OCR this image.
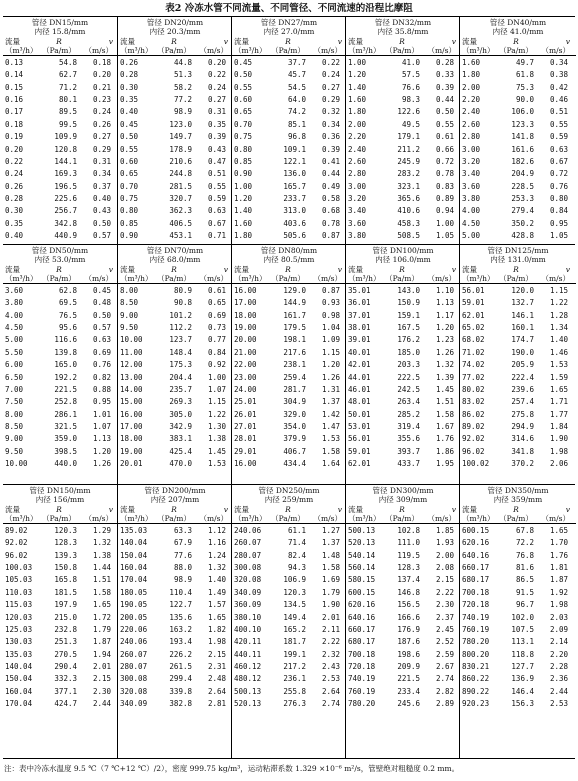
表2 冷冻水管不同流量、不同管径、不同流速的沿程比摩阻
管径 DN15/mm
内径 15.8/mm
流量	R	v
（m³/h） （Pa/m）	（m/s）
0.13	54.8	0.18
0.14	62.7	0.20
0.15	71.2	0.21
0.16	80.1	0.23
0.17	89.5	0.24
0.18	99.5	0.26
0.19	109.9	0.27
0.20	120.8	0.29
0.22	144.1	0.31
0.24	169.3	0.34
0.26	196.5	0.37
0.28	225.6	0.40
0.30	256.7	0.43
0.35	342.8	0.50
0.40	440.9	0.57
管径 DN20/mm
内径 20.3/mm
流量	R	v
（m³/h） （Pa/m）	（m/s）
0.26	44.8	0.20
0.28	51.3	0.22
0.30	58.2	0.24
0.35	77.2	0.27
0.40	98.9	0.31
0.45	123.0	0.35
0.50	149.7	0.39
0.55	178.9	0.43
0.60	210.6	0.47
0.65	244.8	0.51
0.70	281.5	0.55
0.75	320.7	0.59
0.80	362.3	0.63
0.85	406.5	0.67
0.90	453.1	0.71
管径 DN27/mm
内径 27.0/mm
流量	R	v
（m³/h） （Pa/m）	（m/s）
0.45	37.7	0.22
0.50	45.7	0.24
0.55	54.5	0.27
0.60	64.0	0.29
0.65	74.2	0.32
0.70	85.1	0.34
0.75	96.8	0.36
0.80	109.1	0.39
0.85	122.1	0.41
0.90	136.0	0.44
1.00	165.7	0.49
1.20	233.7	0.58
1.40	313.0	0.68
1.60	403.6	0.78
1.80	505.6	0.87
管径 DN32/mm
内径 35.8/mm
流量	R	v
（m³/h） （Pa/m）	（m/s）
1.00	41.0	0.28
1.20	57.5	0.33
1.40	76.6	0.39
1.60	98.3	0.44
1.80	122.6	0.50
2.00	49.5	0.55
2.20	179.1	0.61
2.40	211.2	0.66
2.60	245.9	0.72
2.80	283.2	0.78
3.00	323.1	0.83
3.20	365.6	0.89
3.40	410.6	0.94
3.60	458.3	1.00
3.80	508.5	1.05
管径 DN40/mm
内径 41.0/mm
流量	R	v
（m³/h） （Pa/m）	（m/s）
1.60	49.7	0.34
1.80	61.8	0.38
2.00	75.3	0.42
2.20	90.0	0.46
2.40	106.0	0.51
2.60	123.3	0.55
2.80	141.8	0.59
3.00	161.6	0.63
3.20	182.6	0.67
3.40	204.9	0.72
3.60	228.5	0.76
3.80	253.3	0.80
4.00	279.4	0.84
4.50	350.2	0.95
5.00	428.8	1.05
管径 DN50/mm
内径 53.0/mm
流量	R	v
（m³/h） （Pa/m）	（m/s）
3.60	62.8	0.45
3.80	69.5	0.48
4.00	76.5	0.50
4.50	95.6	0.57
5.00	116.6	0.63
5.50	139.8	0.69
6.00	165.0	0.76
6.50	192.2	0.82
7.00	221.5	0.88
7.50	252.8	0.95
8.00	286.1	1.01
8.50	321.5	1.07
9.00	359.0	1.13
9.50	398.5	1.20
10.00	440.0	1.26
管径 DN70/mm
内径 68.0/mm
流量	R	v
（m³/h） （Pa/m）	（m/s）
8.00	80.9	0.61
8.50	90.8	0.65
9.00	101.2	0.69
9.50	112.2	0.73
10.00	123.7	0.77
11.00	148.4	0.84
12.00	175.3	0.92
13.00	204.4	1.00
14.00	235.7	1.07
15.00	269.3	1.15
16.00	305.0	1.22
17.00	342.9	1.30
18.00	383.1	1.38
19.00	425.4	1.45
20.01	470.0	1.53
管径 DN80/mm
内径 80.5/mm
流量	R	v
（m³/h） （Pa/m）	（m/s）
16.00	129.0	0.87
17.00	144.9	0.93
18.00	161.7	0.98
19.00	179.5	1.04
20.00	198.1	1.09
21.00	217.6	1.15
22.00	238.1	1.20
23.00	259.4	1.26
24.00	281.7	1.31
25.01	304.9	1.37
26.01	329.0	1.42
27.01	354.0	1.47
28.01	379.9	1.53
29.01	406.7	1.58
16.00	434.4	1.64
管径 DN100/mm
内径 106.0/mm
流量	R	v
（m³/h） （Pa/m）	（m/s）
35.01	143.0	1.10
36.01	150.9	1.13
37.01	159.1	1.17
38.01	167.5	1.20
39.01	176.2	1.23
40.01	185.0	1.26
42.01	203.3	1.32
44.01	222.5	1.39
46.01	242.5	1.45
48.01	263.4	1.51
50.01	285.2	1.58
53.01	319.4	1.67
56.01	355.6	1.76
59.01	393.7	1.86
62.01	433.7	1.95
管径 DN125/mm
内径 131.0/mm
流量	R	v
（m³/h） （Pa/m）	（m/s）
56.01	120.0	1.15
59.01	132.7	1.22
62.01	146.1	1.28
65.02	160.1	1.34
68.02	174.7	1.40
71.02	190.0	1.46
74.02	205.9	1.53
77.02	222.4	1.59
80.02	239.6	1.65
83.02	257.4	1.71
86.02	275.8	1.77
89.02	294.9	1.84
92.02	314.6	1.90
96.02	341.8	1.98
100.02	370.2	2.06
管径 DN150/mm
内径 156/mm
流量	R	v
（m³/h） （Pa/m）	（m/s）
89.02	120.3	1.29
92.02	128.3	1.32
96.02	139.3	1.38
100.03	150.8	1.44
105.03	165.8	1.51
110.03	181.5	1.58
115.03	197.9	1.65
120.03	215.0	1.72
125.03	232.8	1.79
130.03	251.3	1.87
135.03	270.5	1.94
140.04	290.4	2.01
150.04	332.3	2.15
160.04	377.1	2.30
170.04	424.7	2.44
管径 DN200/mm
内径 207/mm
流量	R	v
（m³/h） （Pa/m）	（m/s）
135.03	63.3	1.12
140.04	67.9	1.16
150.04	77.6	1.24
160.04	88.0	1.32
170.04	98.9	1.40
180.05	110.4	1.49
190.05	122.7	1.57
200.05	135.6	1.65
220.06	163.2	1.82
240.06	193.4	1.98
260.07	226.2	2.15
280.07	261.5	2.31
300.08	299.4	2.48
320.08	339.8	2.64
340.09	382.8	2.81
管径 DN250/mm
内径 259/mm
流量	R	v
（m³/h） （Pa/m）	（m/s）
240.06	61.1	1.27
260.07	71.4	1.37
280.07	82.4	1.48
300.08	94.3	1.58
320.08	106.9	1.69
340.09	120.3	1.79
360.09	134.5	1.90
380.10	149.4	2.01
400.10	165.2	2.11
420.11	181.7	2.22
440.11	199.1	2.32
460.12	217.2	2.43
480.12	236.1	2.53
500.13	255.8	2.64
520.13	276.3	2.74
管径 DN300/mm
内径 309/mm
流量	R	v
（m³/h） （Pa/m）	（m/s）
500.13	102.8	1.85
520.13	111.0	1.93
540.14	119.5	2.00
560.14	128.3	2.08
580.15	137.4	2.15
600.15	146.8	2.22
620.16	156.5	2.30
640.16	166.6	2.37
660.17	176.9	2.45
680.17	187.6	2.52
700.18	198.6	2.59
720.18	209.9	2.67
740.19	221.5	2.74
760.19	233.4	2.82
780.20	245.6	2.89
管径 DN350/mm
内径 359/mm
流量	R	v
（m³/h） （Pa/m）	（m/s）
600.15	67.8	1.65
620.16	72.2	1.70
640.16	76.8	1.76
660.17	81.6	1.81
680.17	86.5	1.87
700.18	91.5	1.92
720.18	96.7	1.98
740.19	102.0	2.03
760.19	107.5	2.09
780.20	113.1	2.14
800.20	118.8	2.20
830.21	127.7	2.28
860.22	136.9	2.36
890.22	146.4	2.44
920.23	156.3	2.53
注：表中冷冻水温度 9.5 ℃（7 ℃+12 ℃）/2），密度 999.75 kg/m³，运动粘滞系数 1.329 ×10⁻⁶ m²/s，管壁绝对粗糙度 0.2 mm。
